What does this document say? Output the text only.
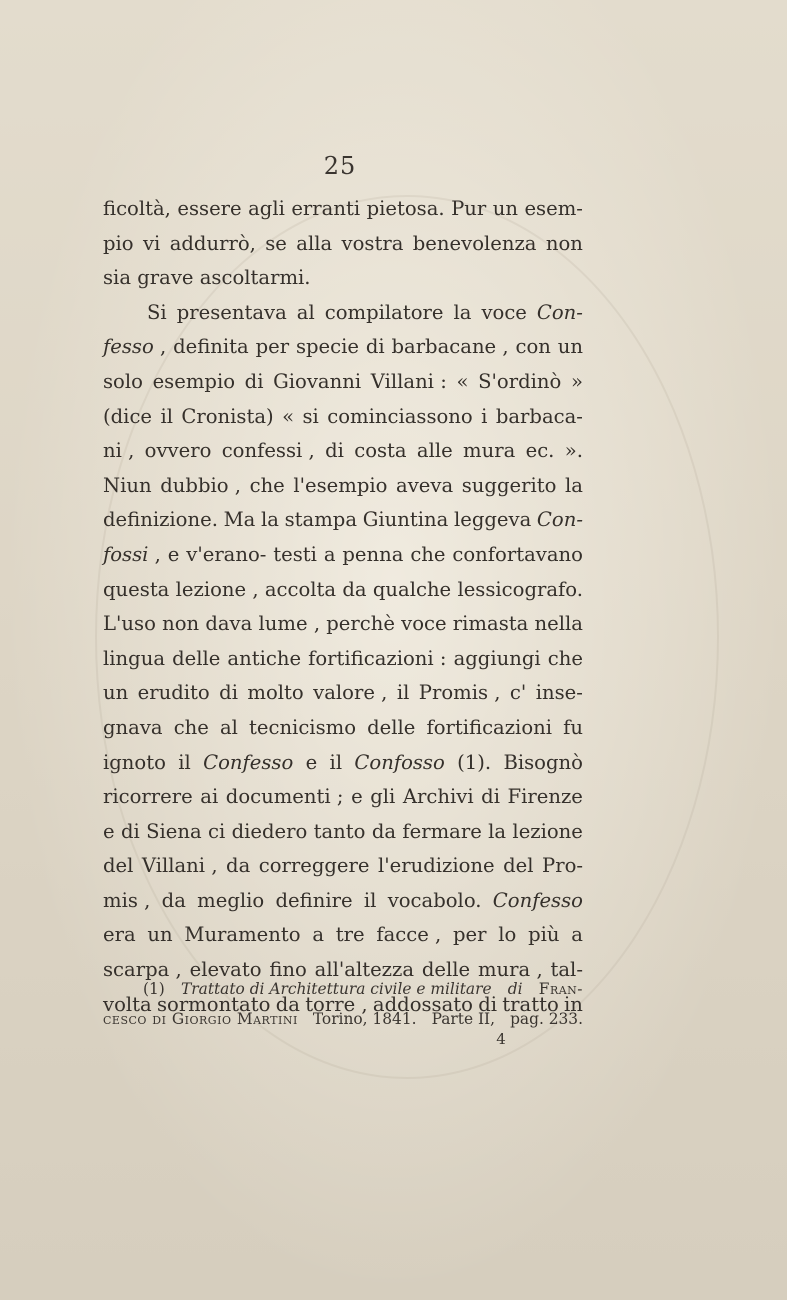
25
ficoltà, essere agli erranti pietosa. Pur un esem-
pio vi addurrò, se alla vostra benevolenza non
sia
grave
ascoltarmi.
Si presentava al compilatore la voce Con-
fesso , definita per specie di barbacane , con un
solo esempio di Giovanni Villani : « S'ordinò »
(dice il Cronista) « si cominciassono i barbaca-
ni , ovvero confessi , di costa alle mura ec. ».
Niun dubbio , che l'esempio aveva suggerito la
definizione. Ma la stampa Giuntina leggeva Con-
fossi , e v'erano- testi a penna che confortavano
questa lezione , accolta da qualche lessicografo.
L'uso non dava lume , perchè voce rimasta nella
lingua delle antiche fortificazioni : aggiungi che
un erudito di molto valore , il Promis , c' inse-
gnava che al tecnicismo delle fortificazioni fu
ignoto il Confesso e il Confosso (1). Bisognò
ricorrere ai documenti ; e gli Archivi di Firenze
e di Siena ci diedero tanto da fermare la lezione
del Villani , da correggere l'erudizione del Pro-
mis , da meglio definire il vocabolo. Confesso
era un Muramento a tre facce , per lo più a
scarpa , elevato fino all'altezza delle mura , tal-
volta sormontato da torre , addossato di tratto in
(1) Trattato di Architettura civile e militare di Fran-
cesco di Giorgio Martini Torino, 1841. Parte II, pag. 233.
4
